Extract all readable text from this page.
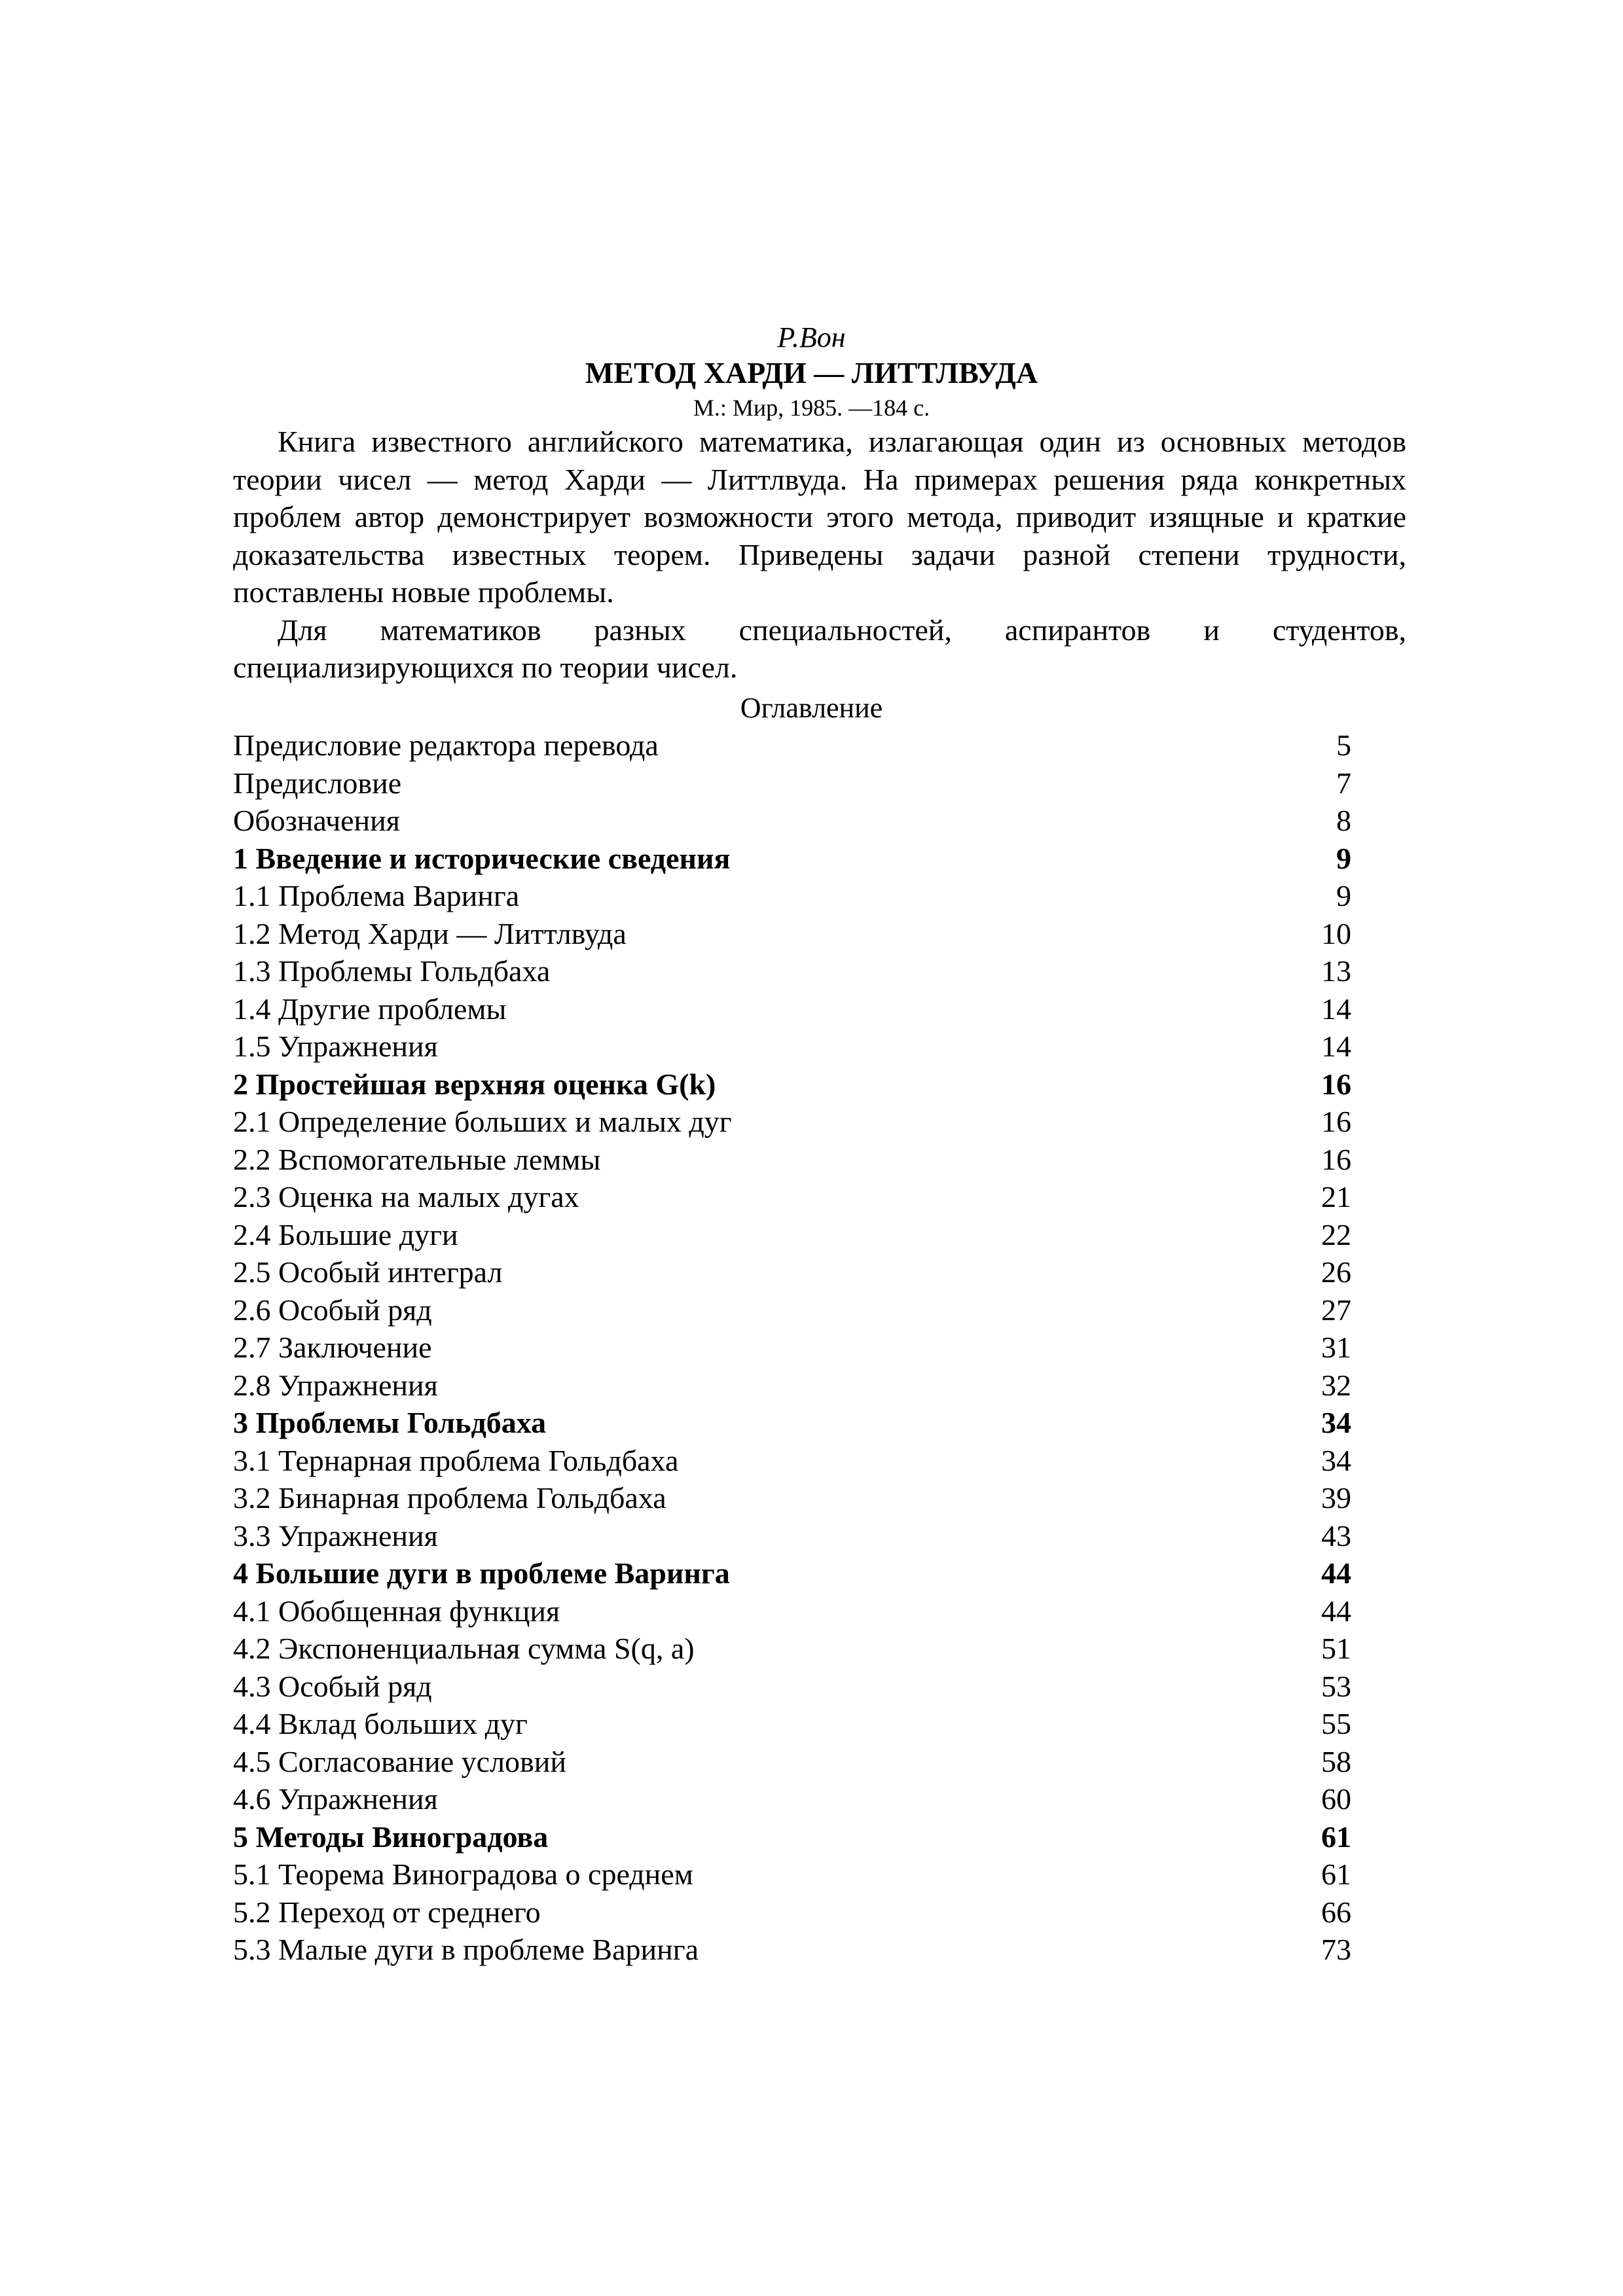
Р.Вон
МЕТОД ХАРДИ — ЛИТТЛВУДА
М.: Мир, 1985. —184 с.

Книга известного английского математика, излагающая один из основных методов теории чисел — метод Харди — Литтлвуда. На примерах решения ряда конкретных проблем автор демонстрирует возможности этого метода, приводит изящные и краткие доказательства известных теорем. Приведены задачи разной степени трудности, поставлены новые проблемы.

Для математиков разных специальностей, аспирантов и студентов, специализирующихся по теории чисел.

Оглавление
Предисловие редактора перевода	5
Предисловие	7
Обозначения	8
1 Введение и исторические сведения	9
1.1 Проблема Варинга	9
1.2 Метод Харди — Литтлвуда	10
1.3 Проблемы Гольдбаха	13
1.4 Другие проблемы	14
1.5 Упражнения	14
2 Простейшая верхняя оценка G(k)	16
2.1 Определение больших и малых дуг	16
2.2 Вспомогательные леммы	16
2.3 Оценка на малых дугах	21
2.4 Большие дуги	22
2.5 Особый интеграл	26
2.6 Особый ряд	27
2.7 Заключение	31
2.8 Упражнения	32
3 Проблемы Гольдбаха	34
3.1 Тернарная проблема Гольдбаха	34
3.2 Бинарная проблема Гольдбаха	39
3.3 Упражнения	43
4 Большие дуги в проблеме Варинга	44
4.1 Обобщенная функция	44
4.2 Экспоненциальная сумма S(q, a)	51
4.3 Особый ряд	53
4.4 Вклад больших дуг	55
4.5 Согласование условий	58
4.6 Упражнения	60
5 Методы Виноградова	61
5.1 Теорема Виноградова о среднем	61
5.2 Переход от среднего	66
5.3 Малые дуги в проблеме Варинга	73
